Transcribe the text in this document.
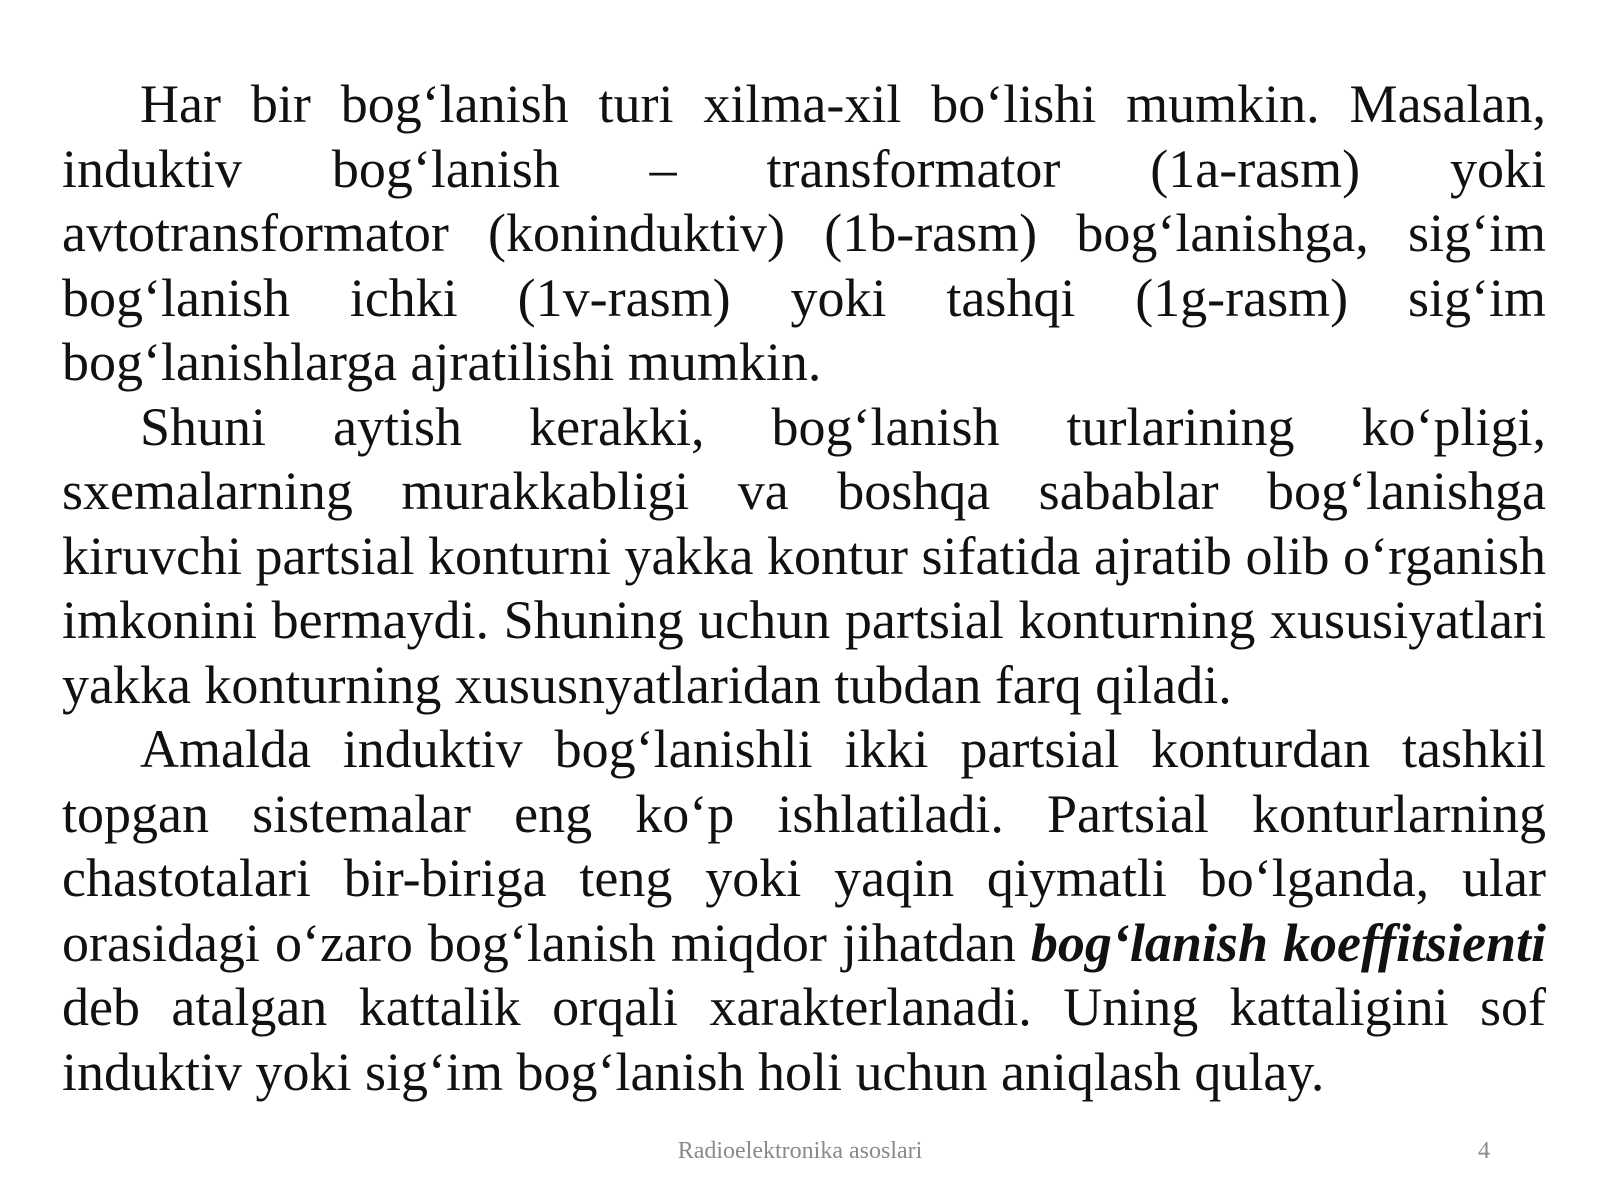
Har bir bog‘lanish turi xilma-xil bo‘lishi mumkin. Masalan, induktiv bog‘lanish – transformator (1a-rasm) yoki avtotransformator (koninduktiv) (1b-rasm) bog‘lanishga, sig‘im bog‘lanish ichki (1v-rasm) yoki tashqi (1g-rasm) sig‘im bog‘lanishlarga ajratilishi mumkin.

Shuni aytish kerakki, bog‘lanish turlarining ko‘pligi, sxemalarning murakkabligi va boshqa sabablar bog‘lanishga kiruvchi partsial konturni yakka kontur sifatida ajratib olib o‘rganish imkonini bermaydi. Shuning uchun partsial konturning xususiyatlari yakka konturning xususnyatlaridan tubdan farq qiladi.

Amalda induktiv bog‘lanishli ikki partsial konturdan tashkil topgan sistemalar eng ko‘p ishlatiladi. Partsial konturlarning chastotalari bir-biriga teng yoki yaqin qiymatli bo‘lganda, ular orasidagi o‘zaro bog‘lanish miqdor jihatdan bog‘lanish koeffitsienti deb atalgan kattalik orqali xarakterlanadi. Uning kattaligini sof induktiv yoki sig‘im bog‘lanish holi uchun aniqlash qulay.

Radioelektronika asoslari	4
